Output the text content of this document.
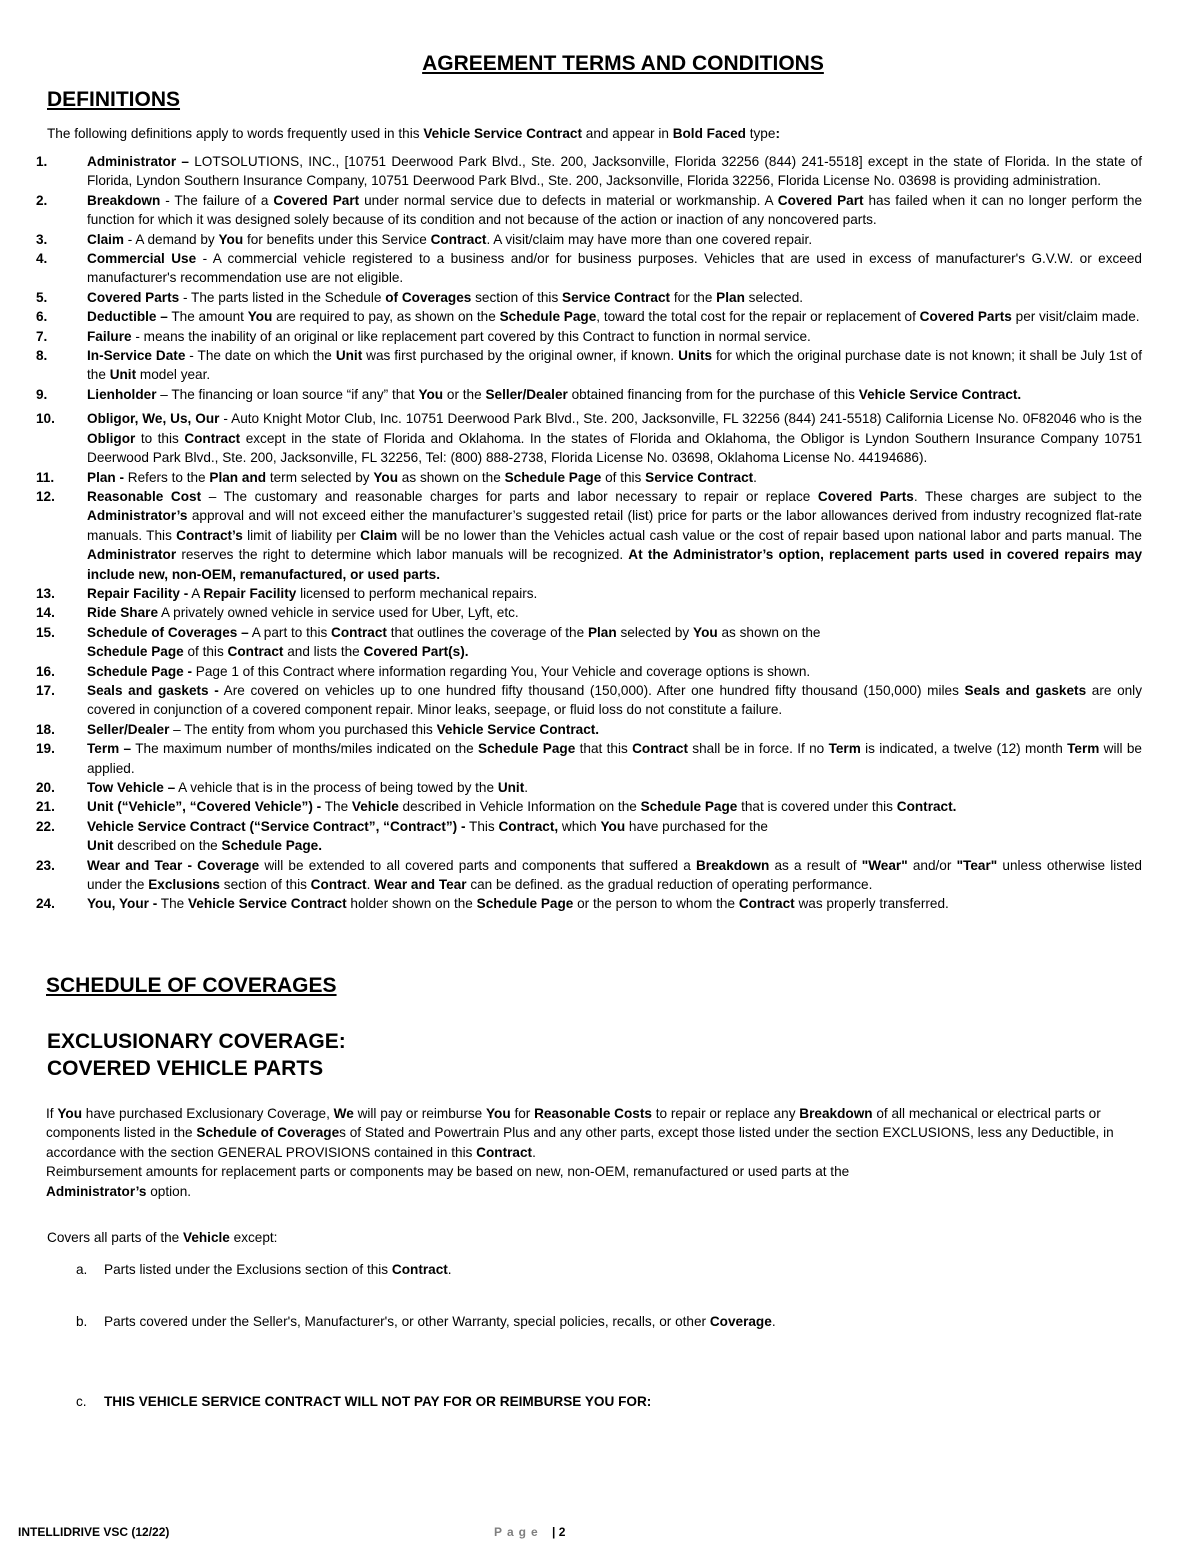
AGREEMENT TERMS AND CONDITIONS
DEFINITIONS
The following definitions apply to words frequently used in this Vehicle Service Contract and appear in Bold Faced type:
1.	Administrator – LOTSOLUTIONS, INC., [10751 Deerwood Park Blvd., Ste. 200, Jacksonville, Florida 32256 (844) 241-5518] except in the state of Florida. In the state of Florida, Lyndon Southern Insurance Company, 10751 Deerwood Park Blvd., Ste. 200, Jacksonville, Florida 32256, Florida License No. 03698 is providing administration.
2.	Breakdown - The failure of a Covered Part under normal service due to defects in material or workmanship. A Covered Part has failed when it can no longer perform the function for which it was designed solely because of its condition and not because of the action or inaction of any noncovered parts.
3.	Claim - A demand by You for benefits under this Service Contract. A visit/claim may have more than one covered repair.
4.	Commercial Use - A commercial vehicle registered to a business and/or for business purposes. Vehicles that are used in excess of manufacturer's G.V.W. or exceed manufacturer's recommendation use are not eligible.
5.	Covered Parts - The parts listed in the Schedule of Coverages section of this Service Contract for the Plan selected.
6.	Deductible – The amount You are required to pay, as shown on the Schedule Page, toward the total cost for the repair or replacement of Covered Parts per visit/claim made.
7.	Failure - means the inability of an original or like replacement part covered by this Contract to function in normal service.
8.	In-Service Date - The date on which the Unit was first purchased by the original owner, if known. Units for which the original purchase date is not known; it shall be July 1st of the Unit model year.
9.	Lienholder – The financing or loan source “if any” that You or the Seller/Dealer obtained financing from for the purchase of this Vehicle Service Contract.
10.	Obligor, We, Us, Our - Auto Knight Motor Club, Inc. 10751 Deerwood Park Blvd., Ste. 200, Jacksonville, FL 32256 (844) 241-5518) California License No. 0F82046 who is the Obligor to this Contract except in the state of Florida and Oklahoma. In the states of Florida and Oklahoma, the Obligor is Lyndon Southern Insurance Company 10751 Deerwood Park Blvd., Ste. 200, Jacksonville, FL 32256, Tel: (800) 888-2738, Florida License No. 03698, Oklahoma License No. 44194686).
11.	Plan - Refers to the Plan and term selected by You as shown on the Schedule Page of this Service Contract.
12.	Reasonable Cost – The customary and reasonable charges for parts and labor necessary to repair or replace Covered Parts. These charges are subject to the Administrator’s approval and will not exceed either the manufacturer’s suggested retail (list) price for parts or the labor allowances derived from industry recognized flat-rate manuals. This Contract’s limit of liability per Claim will be no lower than the Vehicles actual cash value or the cost of repair based upon national labor and parts manual. The Administrator reserves the right to determine which labor manuals will be recognized. At the Administrator’s option, replacement parts used in covered repairs may include new, non-OEM, remanufactured, or used parts.
13.	Repair Facility - A Repair Facility licensed to perform mechanical repairs.
14.	Ride Share A privately owned vehicle in service used for Uber, Lyft, etc.
15.	Schedule of Coverages – A part to this Contract that outlines the coverage of the Plan selected by You as shown on the
Schedule Page of this Contract and lists the Covered Part(s).
16.	Schedule Page - Page 1 of this Contract where information regarding You, Your Vehicle and coverage options is shown.
17.	Seals and gaskets - Are covered on vehicles up to one hundred fifty thousand (150,000). After one hundred fifty thousand (150,000) miles Seals and gaskets are only covered in conjunction of a covered component repair. Minor leaks, seepage, or fluid loss do not constitute a failure.
18.	Seller/Dealer – The entity from whom you purchased this Vehicle Service Contract.
19.	Term – The maximum number of months/miles indicated on the Schedule Page that this Contract shall be in force. If no Term is indicated, a twelve (12) month Term will be applied.
20.	Tow Vehicle – A vehicle that is in the process of being towed by the Unit.
21.	Unit (“Vehicle”, “Covered Vehicle”) - The Vehicle described in Vehicle Information on the Schedule Page that is covered under this Contract.
22.	Vehicle Service Contract (“Service Contract”, “Contract”) - This Contract, which You have purchased for the
Unit described on the Schedule Page.
23.	Wear and Tear - Coverage will be extended to all covered parts and components that suffered a Breakdown as a result of "Wear" and/or "Tear" unless otherwise listed under the Exclusions section of this Contract. Wear and Tear can be defined. as the gradual reduction of operating performance.
24.	You, Your - The Vehicle Service Contract holder shown on the Schedule Page or the person to whom the Contract was properly transferred.
SCHEDULE OF COVERAGES
EXCLUSIONARY COVERAGE:
COVERED VEHICLE PARTS
If You have purchased Exclusionary Coverage, We will pay or reimburse You for Reasonable Costs to repair or replace any Breakdown of all mechanical or electrical parts or components listed in the Schedule of Coverages of Stated and Powertrain Plus and any other parts, except those listed under the section EXCLUSIONS, less any Deductible, in accordance with the section GENERAL PROVISIONS contained in this Contract.
Reimbursement amounts for replacement parts or components may be based on new, non-OEM, remanufactured or used parts at the
Administrator’s option.
Covers all parts of the Vehicle except:
a.	Parts listed under the Exclusions section of this Contract.
b.	Parts covered under the Seller's, Manufacturer's, or other Warranty, special policies, recalls, or other Coverage.
c.	THIS VEHICLE SERVICE CONTRACT WILL NOT PAY FOR OR REIMBURSE YOU FOR:
INTELLIDRIVE VSC (12/22)	Page | 2
